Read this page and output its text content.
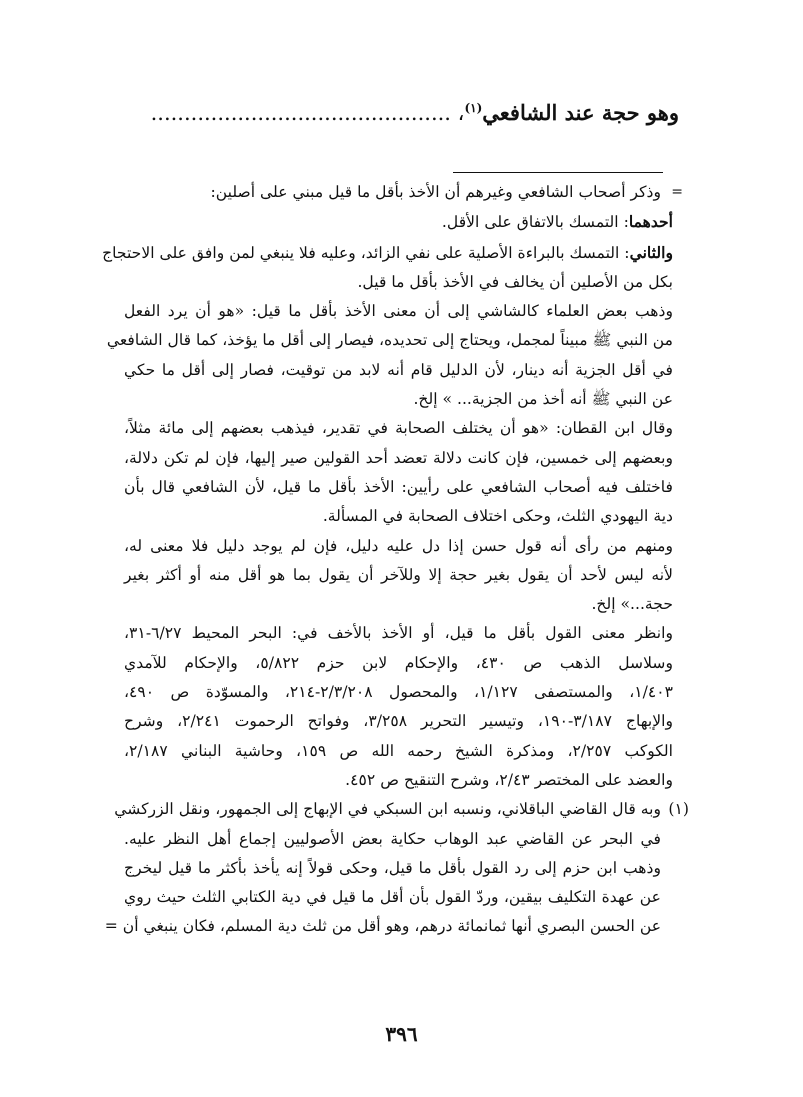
وهو حجة عند الشافعي$^{(١)}$، .............................................
=
وذكر أصحاب الشافعي وغيرهم أن الأخذ بأقل ما قيل مبني على أصلين:
أحدهما: التمسك بالاتفاق على الأقل.
والثاني: التمسك بالبراءة الأصلية على نفي الزائد، وعليه فلا ينبغي لمن وافق على الاحتجاج
بكل من الأصلين أن يخالف في الأخذ بأقل ما قيل.
وذهب بعض العلماء كالشاشي إلى أن معنى الأخذ بأقل ما قيل: «هو أن يرد الفعل
من النبي ﷺ مبيناً لمجمل، ويحتاج إلى تحديده، فيصار إلى أقل ما يؤخذ، كما قال الشافعي
في أقل الجزية أنه دينار، لأن الدليل قام أنه لابد من توقيت، فصار إلى أقل ما حكي
عن النبي ﷺ أنه أخذ من الجزية... » إلخ.
وقال ابن القطان: «هو أن يختلف الصحابة في تقدير، فيذهب بعضهم إلى مائة مثلاً،
وبعضهم إلى خمسين، فإن كانت دلالة تعضد أحد القولين صير إليها، فإن لم تكن دلالة،
فاختلف فيه أصحاب الشافعي على رأيين: الأخذ بأقل ما قيل، لأن الشافعي قال بأن
دية اليهودي الثلث، وحكى اختلاف الصحابة في المسألة.
ومنهم من رأى أنه قول حسن إذا دل عليه دليل، فإن لم يوجد دليل فلا معنى له،
لأنه ليس لأحد أن يقول بغير حجة إلا وللآخر أن يقول بما هو أقل منه أو أكثر بغير
حجة...» إلخ.
وانظر معنى القول بأقل ما قيل، أو الأخذ بالأخف في: البحر المحيط ٦/٢٧-٣١،
وسلاسل الذهب ص ٤٣٠، والإحكام لابن حزم ٥/٨٢٢، والإحكام للآمدي
١/٤٠٣، والمستصفى ١/١٢٧، والمحصول ٢/٣/٢٠٨-٢١٤، والمسوّدة ص ٤٩٠،
والإبهاج ٣/١٨٧-١٩٠، وتيسير التحرير ٣/٢٥٨، وفواتح الرحموت ٢/٢٤١، وشرح
الكوكب ٢/٢٥٧، ومذكرة الشيخ رحمه الله ص ١٥٩، وحاشية البناني ٢/١٨٧،
والعضد على المختصر ٢/٤٣، وشرح التنقيح ص ٤٥٢.
(١)
وبه قال القاضي الباقلاني، ونسبه ابن السبكي في الإبهاج إلى الجمهور، ونقل الزركشي
في البحر عن القاضي عبد الوهاب حكاية بعض الأصوليين إجماع أهل النظر عليه.
وذهب ابن حزم إلى رد القول بأقل ما قيل، وحكى قولاً إنه يأخذ بأكثر ما قيل ليخرج
عن عهدة التكليف بيقين، وردّ القول بأن أقل ما قيل في دية الكتابي الثلث حيث روي
عن الحسن البصري أنها ثمانمائة درهم، وهو أقل من ثلث دية المسلم، فكان ينبغي أن =
٣٩٦
